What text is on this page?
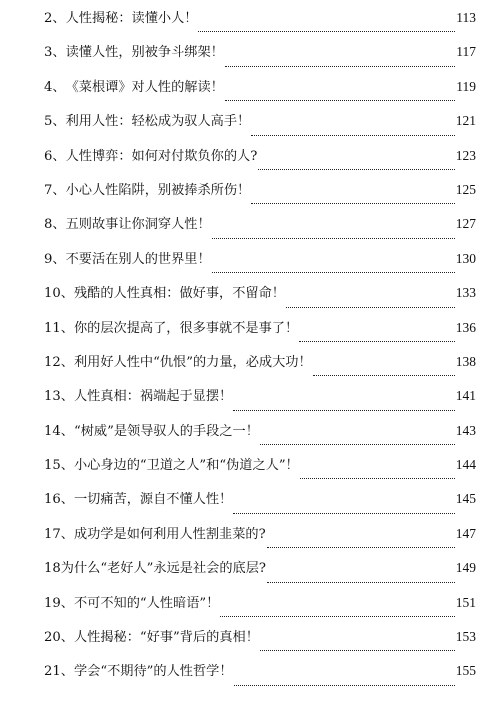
2、 人性揭秘：读懂小人！	113
3、 读懂人性，别被争斗绑架！	117
4、 《菜根谭》对人性的解读！	119
5、 利用人性：轻松成为驭人高手！	121
6、 人性博弈：如何对付欺负你的人?	123
7、 小心人性陷阱，别被捧杀所伤！	125
8、 五则故事让你洞穿人性！	127
9、 不要活在别人的世界里！	130
10、 残酷的人性真相：做好事，不留命！	133
11、 你的层次提高了，很多事就不是事了！	136
12、 利用好人性中“仇恨”的力量，必成大功！	138
13、 人性真相：祸端起于显摆！	141
14、 “树威”是领导驭人的手段之一！	143
15、 小心身边的“卫道之人”和“伪道之人”！	144
16、 一切痛苦，源自不懂人性！	145
17、 成功学是如何利用人性割韭菜的?	147
18 为什么“老好人”永远是社会的底层?	149
19、 不可不知的“人性暗语”！	151
20、 人性揭秘：“好事”背后的真相！	153
21、 学会“不期待”的人性哲学！	155
